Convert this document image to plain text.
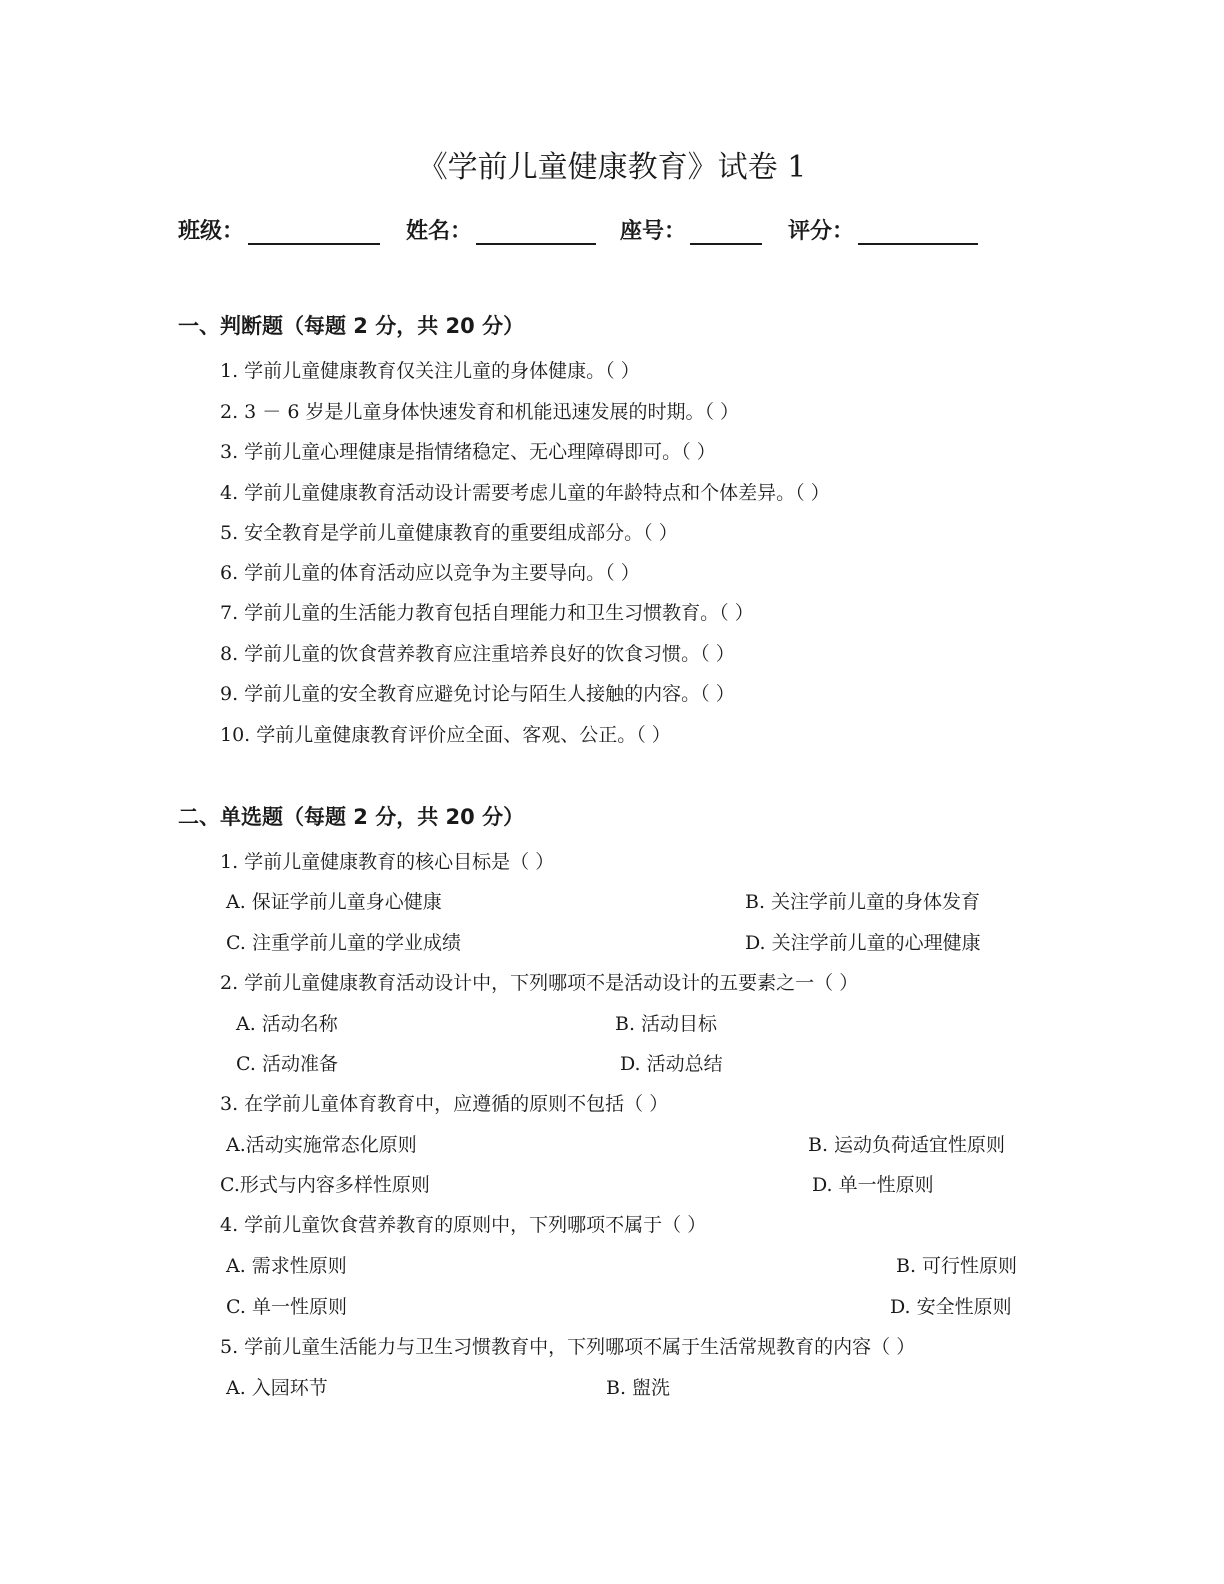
《学前儿童健康教育》试卷 1
班级：	姓名：	座号：	评分：
一、判断题（每题 2 分，共 20 分）
1. 学前儿童健康教育仅关注儿童的身体健康。（ ）
2. 3 － 6 岁是儿童身体快速发育和机能迅速发展的时期。（ ）
3. 学前儿童心理健康是指情绪稳定、无心理障碍即可。（ ）
4. 学前儿童健康教育活动设计需要考虑儿童的年龄特点和个体差异。（ ）
5. 安全教育是学前儿童健康教育的重要组成部分。（ ）
6. 学前儿童的体育活动应以竞争为主要导向。（ ）
7. 学前儿童的生活能力教育包括自理能力和卫生习惯教育。（ ）
8. 学前儿童的饮食营养教育应注重培养良好的饮食习惯。（ ）
9. 学前儿童的安全教育应避免讨论与陌生人接触的内容。（ ）
10. 学前儿童健康教育评价应全面、客观、公正。（ ）
二、单选题（每题 2 分，共 20 分）
1. 学前儿童健康教育的核心目标是（ ）
A. 保证学前儿童身心健康	B. 关注学前儿童的身体发育
C. 注重学前儿童的学业成绩	D. 关注学前儿童的心理健康
2. 学前儿童健康教育活动设计中，下列哪项不是活动设计的五要素之一（ ）
A. 活动名称	B. 活动目标
C. 活动准备	D. 活动总结
3. 在学前儿童体育教育中，应遵循的原则不包括（ ）
A.活动实施常态化原则	B. 运动负荷适宜性原则
C.形式与内容多样性原则	D. 单一性原则
4. 学前儿童饮食营养教育的原则中，下列哪项不属于（ ）
A. 需求性原则	B. 可行性原则
C. 单一性原则	D. 安全性原则
5. 学前儿童生活能力与卫生习惯教育中，下列哪项不属于生活常规教育的内容（ ）
A. 入园环节	B. 盥洗
